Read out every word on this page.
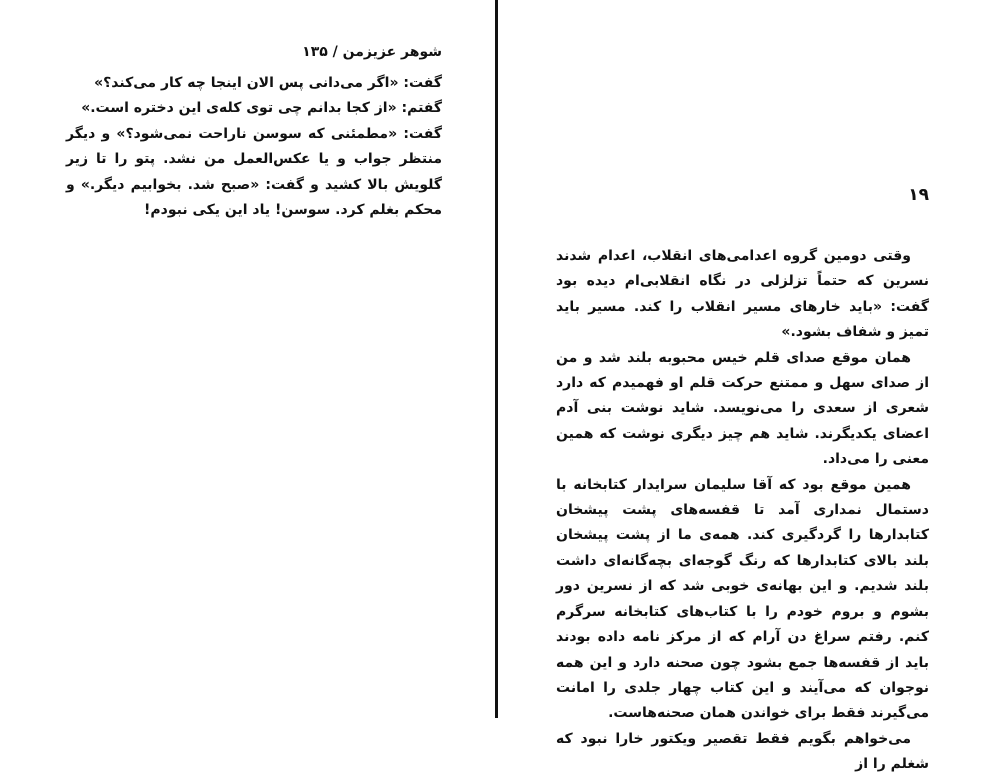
شوهر عزیزمن / ۱۳۵

گفت: «اگر می‌دانی پس الان اینجا چه کار می‌کند؟»

گفتم: «از کجا بدانم چی توی کله‌ی این دختره است.»

گفت: «مطمئنی که سوسن ناراحت نمی‌شود؟» و دیگر منتظر جواب و یا عکس‌العمل من نشد. پتو را تا زیر گلویش بالا کشید و گفت: «صبح شد. بخوابیم دیگر.» و محکم بغلم کرد. سوسن! یاد این یکی نبودم!

۱۹

وقتی دومین گروه اعدامی‌های انقلاب، اعدام شدند نسرین که حتماً تزلزلی در نگاه انقلابی‌ام دیده بود گفت: «باید خارهای مسیر انقلاب را کند. مسیر باید تمیز و شفاف بشود.»

همان موقع صدای قلم خیس محبوبه بلند شد و من از صدای سهل و ممتنع حرکت قلم او فهمیدم که دارد شعری از سعدی را می‌نویسد. شاید نوشت بنی آدم اعضای یکدیگرند. شاید هم چیز دیگری نوشت که همین معنی را می‌داد.

همین موقع بود که آقا سلیمان سرایدار کتابخانه با دستمال نمداری آمد تا قفسه‌های پشت پیشخان کتابدارها را گردگیری کند. همه‌ی ما از پشت پیشخان بلند بالای کتابدارها که رنگ گوجه‌ای بچه‌گانه‌ای داشت بلند شدیم. و این بهانه‌ی خوبی شد که از نسرین دور بشوم و بروم خودم را با کتاب‌های کتابخانه سرگرم کنم. رفتم سراغ دن آرام که از مرکز نامه داده بودند باید از قفسه‌ها جمع بشود چون صحنه دارد و این همه نوجوان که می‌آیند و این کتاب چهار جلدی را امانت می‌گیرند فقط برای خواندن همان صحنه‌هاست.

می‌خواهم بگویم فقط تقصیر ویکتور خارا نبود که شغلم را از
